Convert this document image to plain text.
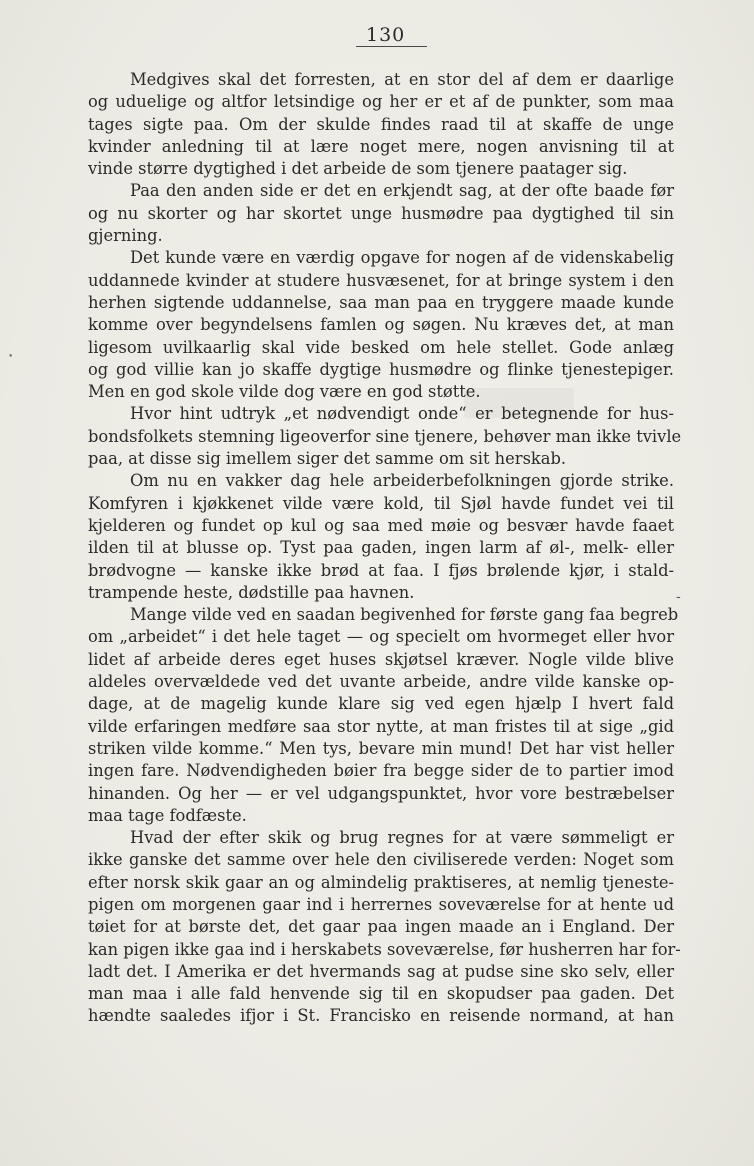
130
•
-
Medgives skal det forresten, at en stor del af dem er daarlige
og uduelige og altfor letsindige og her er et af de punkter, som maa
tages sigte paa. Om der skulde findes raad til at skaffe de unge
kvinder anledning til at lære noget mere, nogen anvisning til at
vinde større dygtighed i det arbeide de som tjenere paatager sig.
Paa den anden side er det en erkjendt sag, at der ofte baade før
og nu skorter og har skortet unge husmødre paa dygtighed til sin
gjerning.
Det kunde være en værdig opgave for nogen af de videnskabelig
uddannede kvinder at studere husvæsenet, for at bringe system i den
herhen sigtende uddannelse, saa man paa en tryggere maade kunde
komme over begyndelsens famlen og søgen. Nu kræves det, at man
ligesom uvilkaarlig skal vide besked om hele stellet. Gode anlæg
og god villie kan jo skaffe dygtige husmødre og flinke tjenestepiger.
Men en god skole vilde dog være en god støtte.
Hvor hint udtryk „et nødvendigt onde“ er betegnende for hus-
bondsfolkets stemning ligeoverfor sine tjenere, behøver man ikke tvivle
paa, at disse sig imellem siger det samme om sit herskab.
Om nu en vakker dag hele arbeiderbefolkningen gjorde strike.
Komfyren i kjøkkenet vilde være kold, til Sjøl havde fundet vei til
kjelderen og fundet op kul og saa med møie og besvær havde faaet
ilden til at blusse op. Tyst paa gaden, ingen larm af øl-, melk- eller
brødvogne — kanske ikke brød at faa. I fjøs brølende kjør, i stald-
trampende heste, dødstille paa havnen.
Mange vilde ved en saadan begivenhed for første gang faa begreb
om „arbeidet“ i det hele taget — og specielt om hvormeget eller hvor
lidet af arbeide deres eget huses skjøtsel kræver. Nogle vilde blive
aldeles overvældede ved det uvante arbeide, andre vilde kanske op-
dage, at de magelig kunde klare sig ved egen hjælp I hvert fald
vilde erfaringen medføre saa stor nytte, at man fristes til at sige „gid
striken vilde komme.“ Men tys, bevare min mund! Det har vist heller
ingen fare. Nødvendigheden bøier fra begge sider de to partier imod
hinanden. Og her — er vel udgangspunktet, hvor vore bestræbelser
maa tage fodfæste.
Hvad der efter skik og brug regnes for at være sømmeligt er
ikke ganske det samme over hele den civiliserede verden: Noget som
efter norsk skik gaar an og almindelig praktiseres, at nemlig tjeneste-
pigen om morgenen gaar ind i herrernes soveværelse for at hente ud
tøiet for at børste det, det gaar paa ingen maade an i England. Der
kan pigen ikke gaa ind i herskabets soveværelse, før husherren har for-
ladt det. I Amerika er det hvermands sag at pudse sine sko selv, eller
man maa i alle fald henvende sig til en skopudser paa gaden. Det
hændte saaledes ifjor i St. Francisko en reisende normand, at han
